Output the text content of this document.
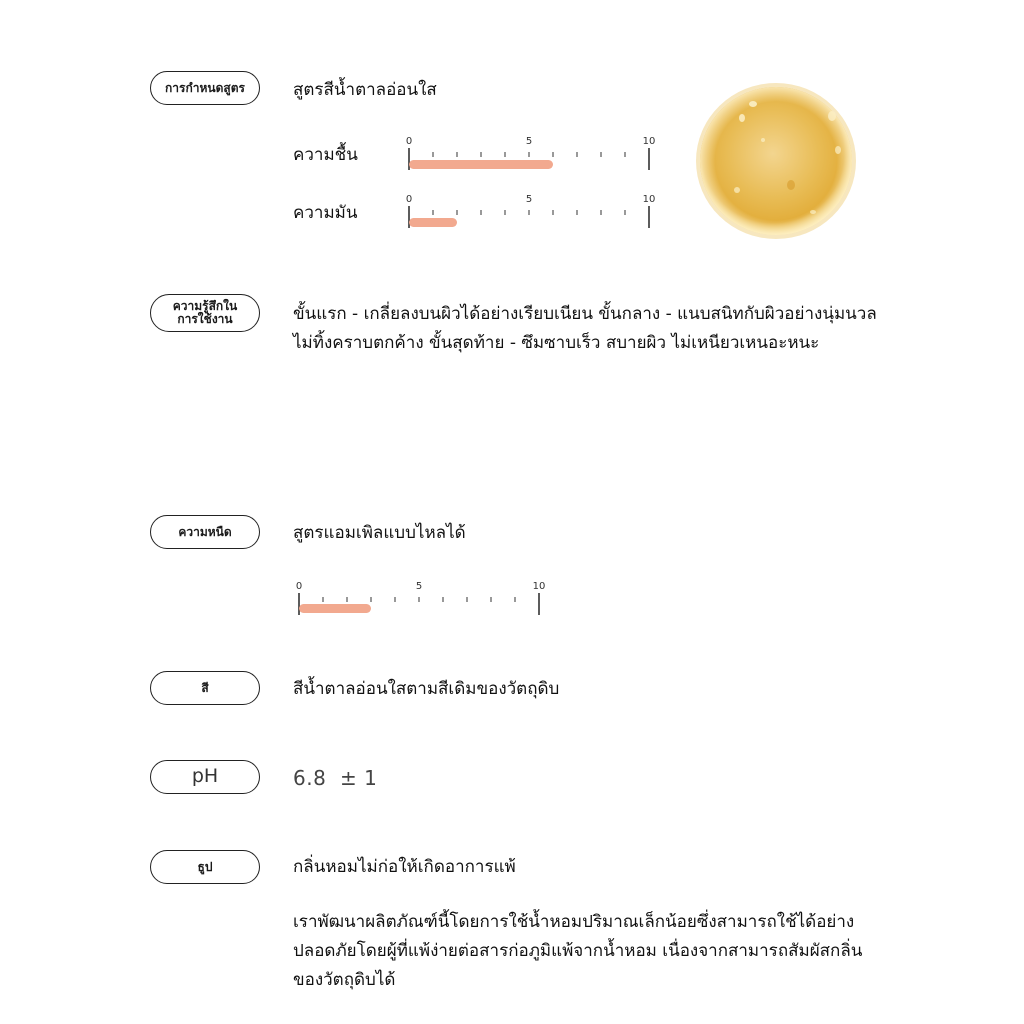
การกำหนดสูตร	สูตรสีน้ำตาลอ่อนใส
ความชื้น
0	5	10
ความมัน
0	5	10
ความรู้สึกใน
การใช้งาน	ขั้นแรก - เกลี่ยลงบนผิวได้อย่างเรียบเนียน ขั้นกลาง - แนบสนิทกับผิวอย่างนุ่มนวล
ไม่ทิ้งคราบตกค้าง ขั้นสุดท้าย - ซึมซาบเร็ว สบายผิว ไม่เหนียวเหนอะหนะ
ความหนืด	สูตรแอมเพิลแบบไหลได้
0	5	10
สี	สีน้ำตาลอ่อนใสตามสีเดิมของวัตถุดิบ
pH	6.8  ± 1
ธูป	กลิ่นหอมไม่ก่อให้เกิดอาการแพ้
เราพัฒนาผลิตภัณฑ์นี้โดยการใช้น้ำหอมปริมาณเล็กน้อยซึ่งสามารถใช้ได้อย่าง
ปลอดภัยโดยผู้ที่แพ้ง่ายต่อสารก่อภูมิแพ้จากน้ำหอม เนื่องจากสามารถสัมผัสกลิ่น
ของวัตถุดิบได้
